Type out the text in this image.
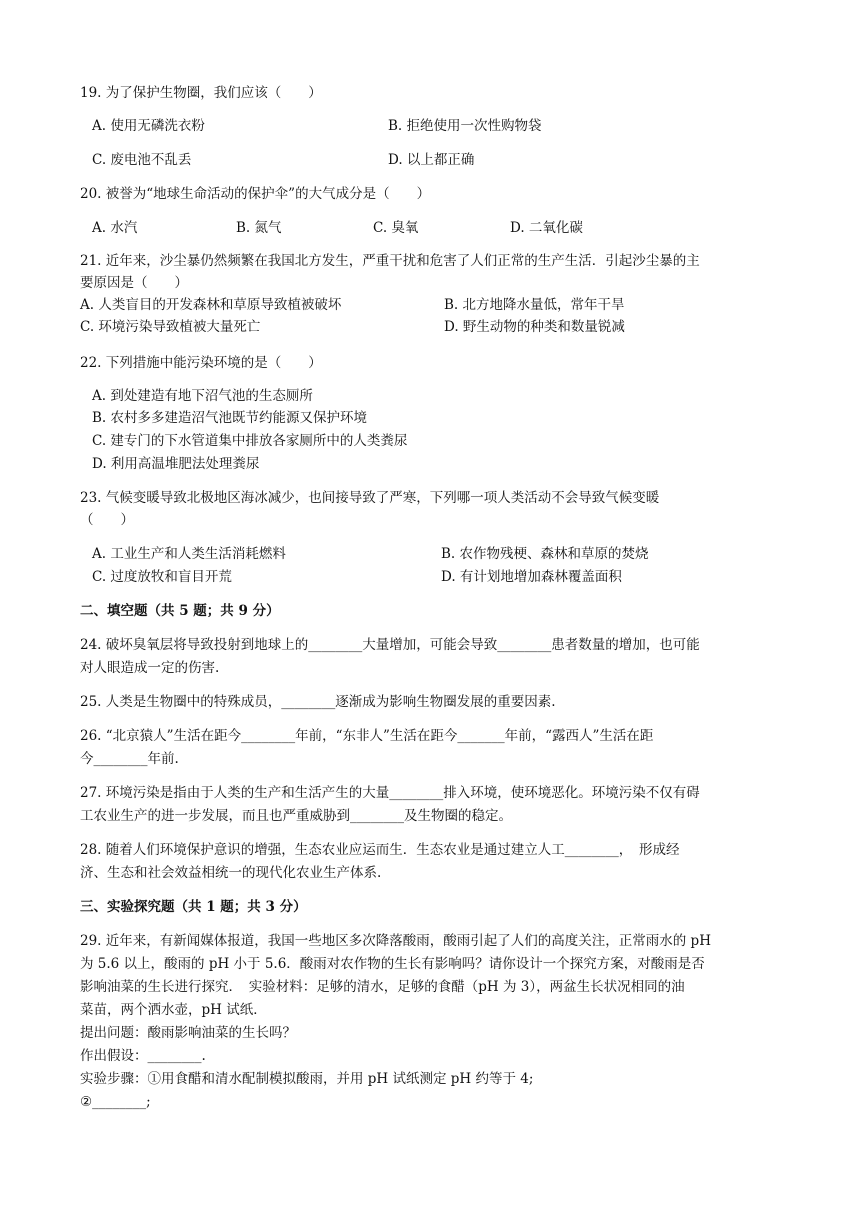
19. 为了保护生物圈，我们应该（　　）
A. 使用无磷洗衣粉	B. 拒绝使用一次性购物袋
C. 废电池不乱丢	D. 以上都正确
20. 被誉为“地球生命活动的保护伞”的大气成分是（　　）
A. 水汽	B. 氮气	C. 臭氧	D. 二氧化碳
21. 近年来，沙尘暴仍然频繁在我国北方发生，严重干扰和危害了人们正常的生产生活．引起沙尘暴的主
要原因是（　　）
A. 人类盲目的开发森林和草原导致植被破坏	B. 北方地降水量低，常年干旱
C. 环境污染导致植被大量死亡	D. 野生动物的种类和数量锐减
22. 下列措施中能污染环境的是（　　）
A. 到处建造有地下沼气池的生态厕所
B. 农村多多建造沼气池既节约能源又保护环境
C. 建专门的下水管道集中排放各家厕所中的人类粪尿
D. 利用高温堆肥法处理粪尿
23. 气候变暖导致北极地区海冰减少，也间接导致了严寒，下列哪一项人类活动不会导致气候变暖
（　　）
A. 工业生产和人类生活消耗燃料	B. 农作物残梗、森林和草原的焚烧
C. 过度放牧和盲目开荒	D. 有计划地增加森林覆盖面积
二、填空题（共 5 题；共 9 分）
24. 破坏臭氧层将导致投射到地球上的________大量增加，可能会导致________患者数量的增加，也可能
对人眼造成一定的伤害.
25. 人类是生物圈中的特殊成员，________逐渐成为影响生物圈发展的重要因素.
26. “北京猿人”生活在距今________年前，“东非人”生活在距今_______年前，“露西人”生活在距
今________年前.
27. 环境污染是指由于人类的生产和生活产生的大量________排入环境，使环境恶化。环境污染不仅有碍
工农业生产的进一步发展，而且也严重威胁到________及生物圈的稳定。
28. 随着人们环境保护意识的增强，生态农业应运而生．生态农业是通过建立人工________，　形成经
济、生态和社会效益相统一的现代化农业生产体系.
三、实验探究题（共 1 题；共 3 分）
29. 近年来，有新闻媒体报道，我国一些地区多次降落酸雨，酸雨引起了人们的高度关注，正常雨水的 pH
为 5.6 以上，酸雨的 pH 小于 5.6．酸雨对农作物的生长有影响吗？请你设计一个探究方案，对酸雨是否
影响油菜的生长进行探究．　实验材料：足够的清水，足够的食醋（pH 为 3），两盆生长状况相同的油
菜苗，两个洒水壶，pH 试纸．
提出问题：酸雨影响油菜的生长吗？
作出假设：________.
实验步骤：①用食醋和清水配制模拟酸雨，并用 pH 试纸测定 pH 约等于 4;
②________;
